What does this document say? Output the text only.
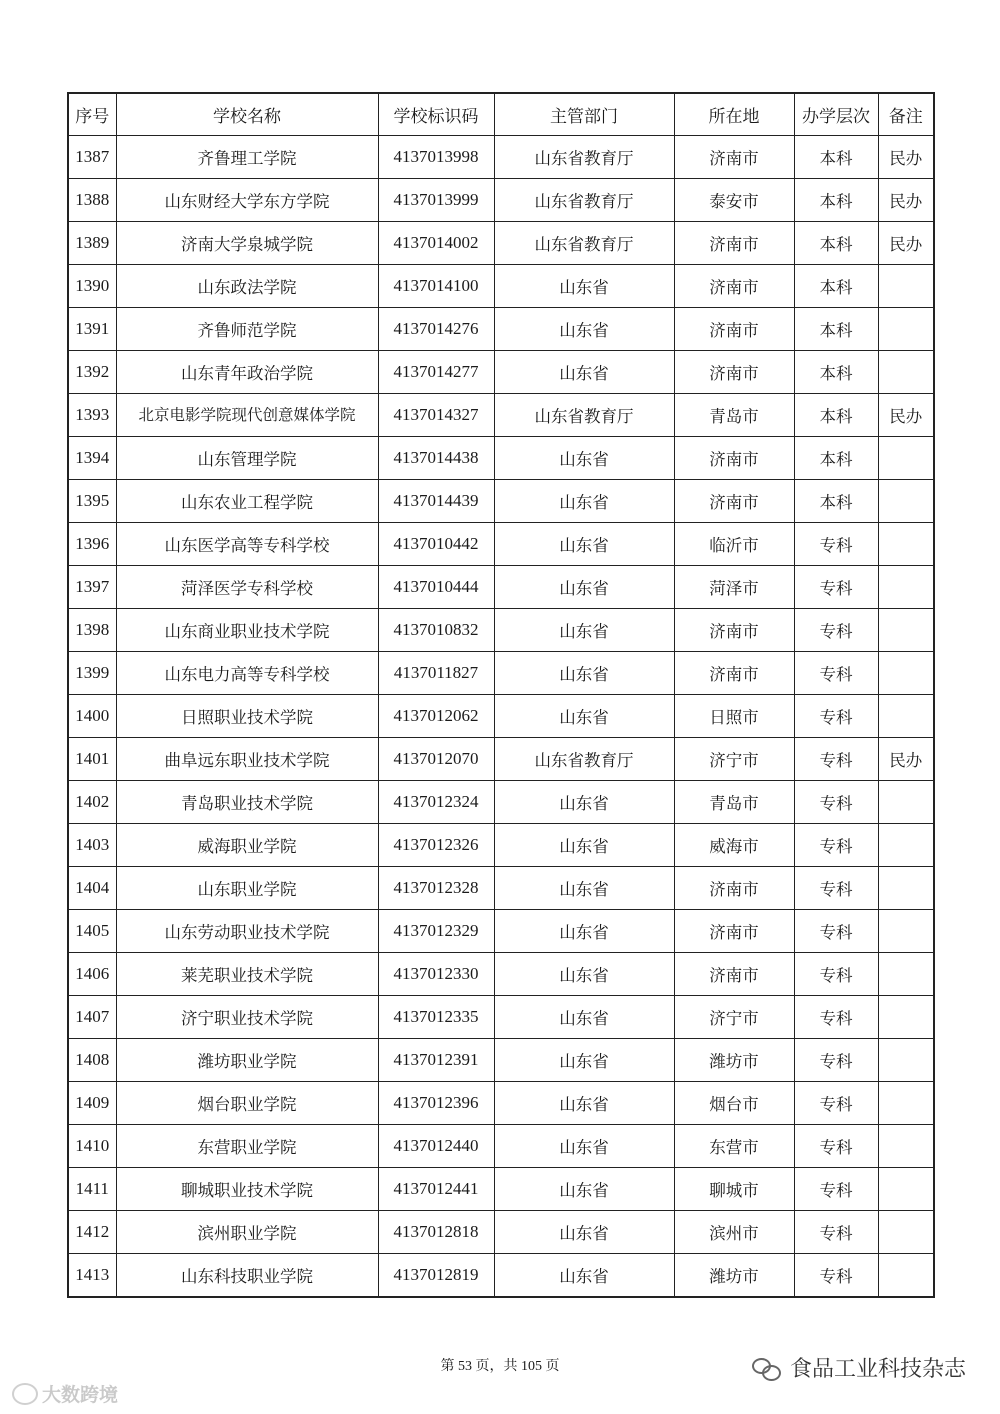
序号	学校名称	学校标识码	主管部门	所在地	办学层次	备注
1387	齐鲁理工学院	4137013998	山东省教育厅	济南市	本科	民办
1388	山东财经大学东方学院	4137013999	山东省教育厅	泰安市	本科	民办
1389	济南大学泉城学院	4137014002	山东省教育厅	济南市	本科	民办
1390	山东政法学院	4137014100	山东省	济南市	本科	
1391	齐鲁师范学院	4137014276	山东省	济南市	本科	
1392	山东青年政治学院	4137014277	山东省	济南市	本科	
1393	北京电影学院现代创意媒体学院	4137014327	山东省教育厅	青岛市	本科	民办
1394	山东管理学院	4137014438	山东省	济南市	本科	
1395	山东农业工程学院	4137014439	山东省	济南市	本科	
1396	山东医学高等专科学校	4137010442	山东省	临沂市	专科	
1397	菏泽医学专科学校	4137010444	山东省	菏泽市	专科	
1398	山东商业职业技术学院	4137010832	山东省	济南市	专科	
1399	山东电力高等专科学校	4137011827	山东省	济南市	专科	
1400	日照职业技术学院	4137012062	山东省	日照市	专科	
1401	曲阜远东职业技术学院	4137012070	山东省教育厅	济宁市	专科	民办
1402	青岛职业技术学院	4137012324	山东省	青岛市	专科	
1403	威海职业学院	4137012326	山东省	威海市	专科	
1404	山东职业学院	4137012328	山东省	济南市	专科	
1405	山东劳动职业技术学院	4137012329	山东省	济南市	专科	
1406	莱芜职业技术学院	4137012330	山东省	济南市	专科	
1407	济宁职业技术学院	4137012335	山东省	济宁市	专科	
1408	潍坊职业学院	4137012391	山东省	潍坊市	专科	
1409	烟台职业学院	4137012396	山东省	烟台市	专科	
1410	东营职业学院	4137012440	山东省	东营市	专科	
1411	聊城职业技术学院	4137012441	山东省	聊城市	专科	
1412	滨州职业学院	4137012818	山东省	滨州市	专科	
1413	山东科技职业学院	4137012819	山东省	潍坊市	专科	
第 53 页，共 105 页
大数跨境
食品工业科技杂志
